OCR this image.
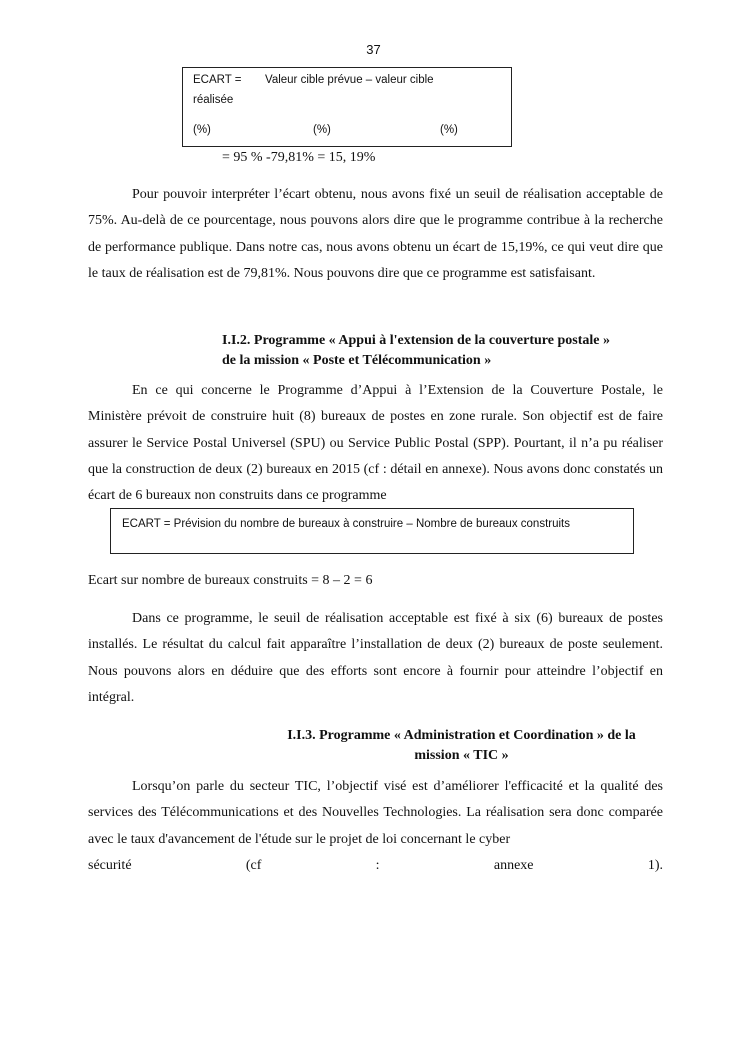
37
ECART = Valeur cible prévue – valeur cible
réalisée
(%)	(%)	(%)
= 95 % -79,81% = 15, 19%

Pour pouvoir interpréter l’écart obtenu, nous avons fixé un seuil de réalisation acceptable de 75%. Au-delà de ce pourcentage, nous pouvons alors dire que le programme contribue à la recherche de performance publique. Dans notre cas, nous avons obtenu un écart de 15,19%, ce qui veut dire que le taux de réalisation est de 79,81%. Nous pouvons dire que ce programme est satisfaisant.

I.I.2. Programme « Appui à l'extension de la couverture postale »
de la mission « Poste et Télécommunication »

En ce qui concerne le Programme d’Appui à l’Extension de la Couverture Postale, le Ministère prévoit de construire huit (8) bureaux de postes en zone rurale. Son objectif est de faire assurer le Service Postal Universel (SPU) ou Service Public Postal (SPP). Pourtant, il n’a pu réaliser que la construction de deux (2) bureaux en 2015 (cf : détail en annexe). Nous avons donc constatés un écart de 6 bureaux non construits dans ce programme

ECART = Prévision du nombre de bureaux à construire – Nombre de bureaux construits
Ecart sur nombre de bureaux construits = 8 – 2 = 6

Dans ce programme, le seuil de réalisation acceptable est fixé à six (6) bureaux de postes installés. Le résultat du calcul fait apparaître l’installation de deux (2) bureaux de poste seulement. Nous pouvons alors en déduire que des efforts sont encore à fournir pour atteindre l’objectif en intégral.

I.I.3. Programme « Administration et Coordination » de la
mission « TIC »

Lorsqu’on parle du secteur TIC, l’objectif visé est d’améliorer l'efficacité et la qualité des services des Télécommunications et des Nouvelles Technologies. La réalisation sera donc comparée avec le taux d'avancement de l'étude sur le projet de loi concernant le cyber

sécurité	(cf	:	annexe	1).
